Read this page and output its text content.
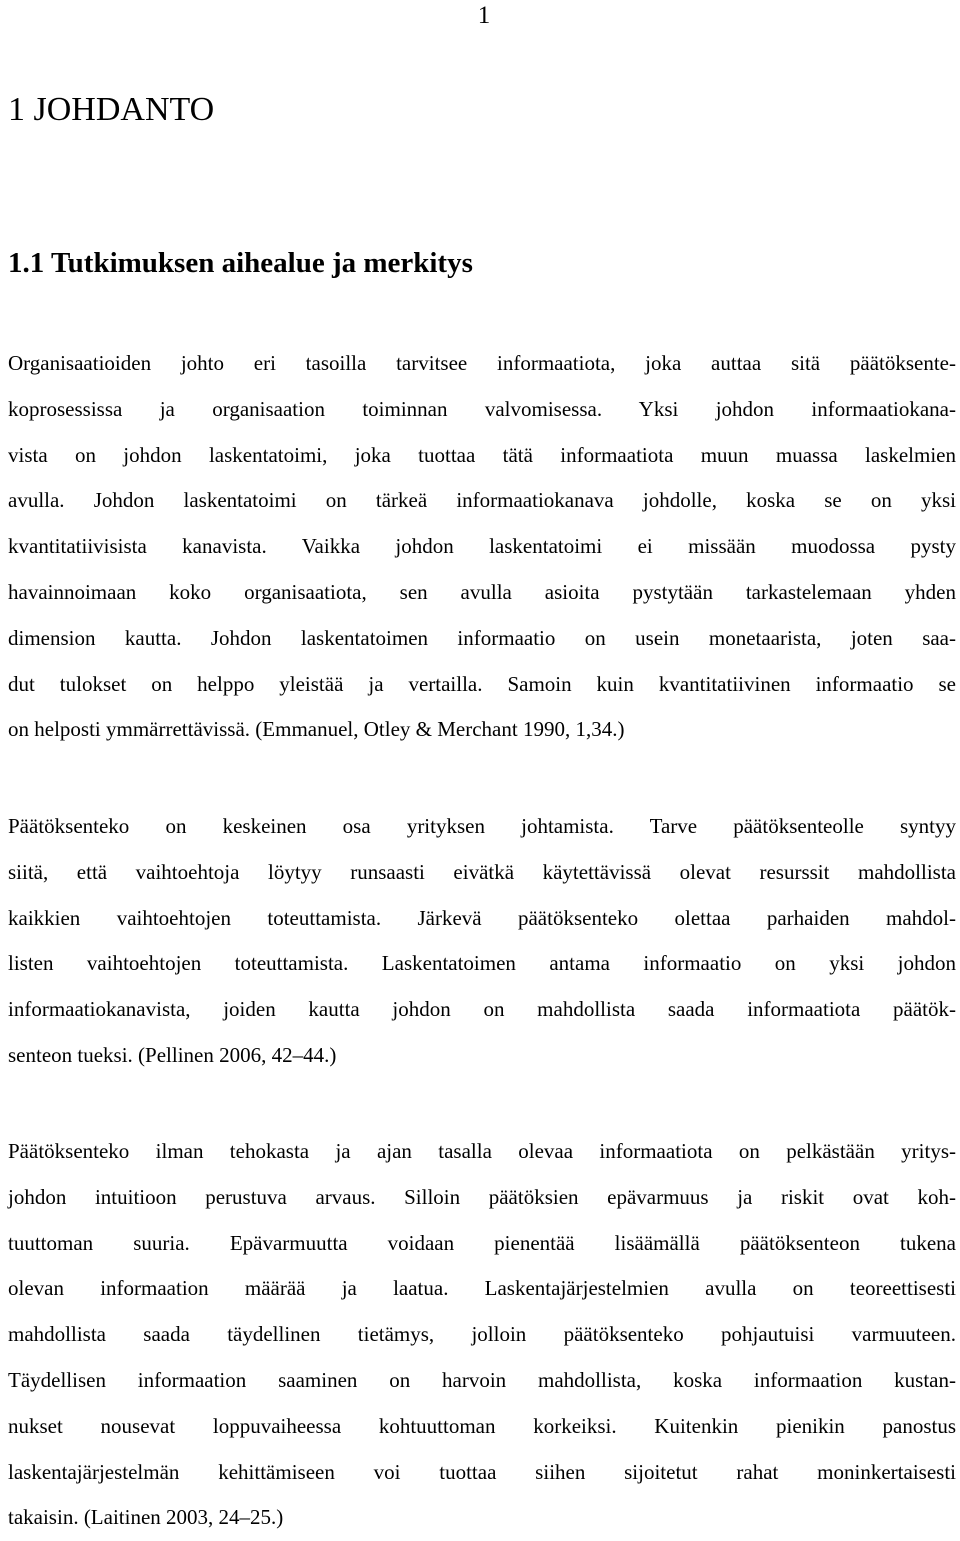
1
1 JOHDANTO
1.1 Tutkimuksen aihealue ja merkitys
Organisaatioiden johto eri tasoilla tarvitsee informaatiota, joka auttaa sitä päätöksente-
koprosessissa ja organisaation toiminnan valvomisessa. Yksi johdon informaatiokana-
vista on johdon laskentatoimi, joka tuottaa tätä informaatiota muun muassa laskelmien
avulla. Johdon laskentatoimi on tärkeä informaatiokanava johdolle, koska se on yksi
kvantitatiivisista kanavista. Vaikka johdon laskentatoimi ei missään muodossa pysty
havainnoimaan koko organisaatiota, sen avulla asioita pystytään tarkastelemaan yhden
dimension kautta. Johdon laskentatoimen informaatio on usein monetaarista, joten saa-
dut tulokset on helppo yleistää ja vertailla. Samoin kuin kvantitatiivinen informaatio se
on helposti ymmärrettävissä. (Emmanuel, Otley & Merchant 1990, 1,34.)
Päätöksenteko on keskeinen osa yrityksen johtamista. Tarve päätöksenteolle syntyy
siitä, että vaihtoehtoja löytyy runsaasti eivätkä käytettävissä olevat resurssit mahdollista
kaikkien vaihtoehtojen toteuttamista. Järkevä päätöksenteko olettaa parhaiden mahdol-
listen vaihtoehtojen toteuttamista. Laskentatoimen antama informaatio on yksi johdon
informaatiokanavista, joiden kautta johdon on mahdollista saada informaatiota päätök-
senteon tueksi. (Pellinen 2006, 42–44.)
Päätöksenteko ilman tehokasta ja ajan tasalla olevaa informaatiota on pelkästään yritys-
johdon intuitioon perustuva arvaus. Silloin päätöksien epävarmuus ja riskit ovat koh-
tuuttoman suuria. Epävarmuutta voidaan pienentää lisäämällä päätöksenteon tukena
olevan informaation määrää ja laatua. Laskentajärjestelmien avulla on teoreettisesti
mahdollista saada täydellinen tietämys, jolloin päätöksenteko pohjautuisi varmuuteen.
Täydellisen informaation saaminen on harvoin mahdollista, koska informaation kustan-
nukset nousevat loppuvaiheessa kohtuuttoman korkeiksi. Kuitenkin pienikin panostus
laskentajärjestelmän kehittämiseen voi tuottaa siihen sijoitetut rahat moninkertaisesti
takaisin. (Laitinen 2003, 24–25.)
